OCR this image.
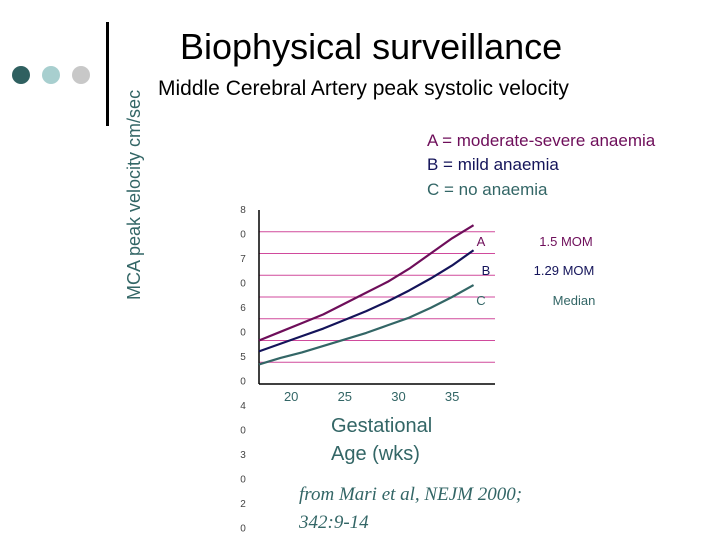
Biophysical surveillance
Middle Cerebral Artery peak systolic velocity
A = moderate-severe anaemia
B = mild anaemia
C = no anaemia
8
0
7
0
6
0
5
0
4
0
3
0
2
0
20	25	30	35
A	1.5 MOM
B	1.29 MOM
C	Median
MCA peak velocity cm/sec
Gestational
Age (wks)
from Mari et al, NEJM 2000;
342:9-14
